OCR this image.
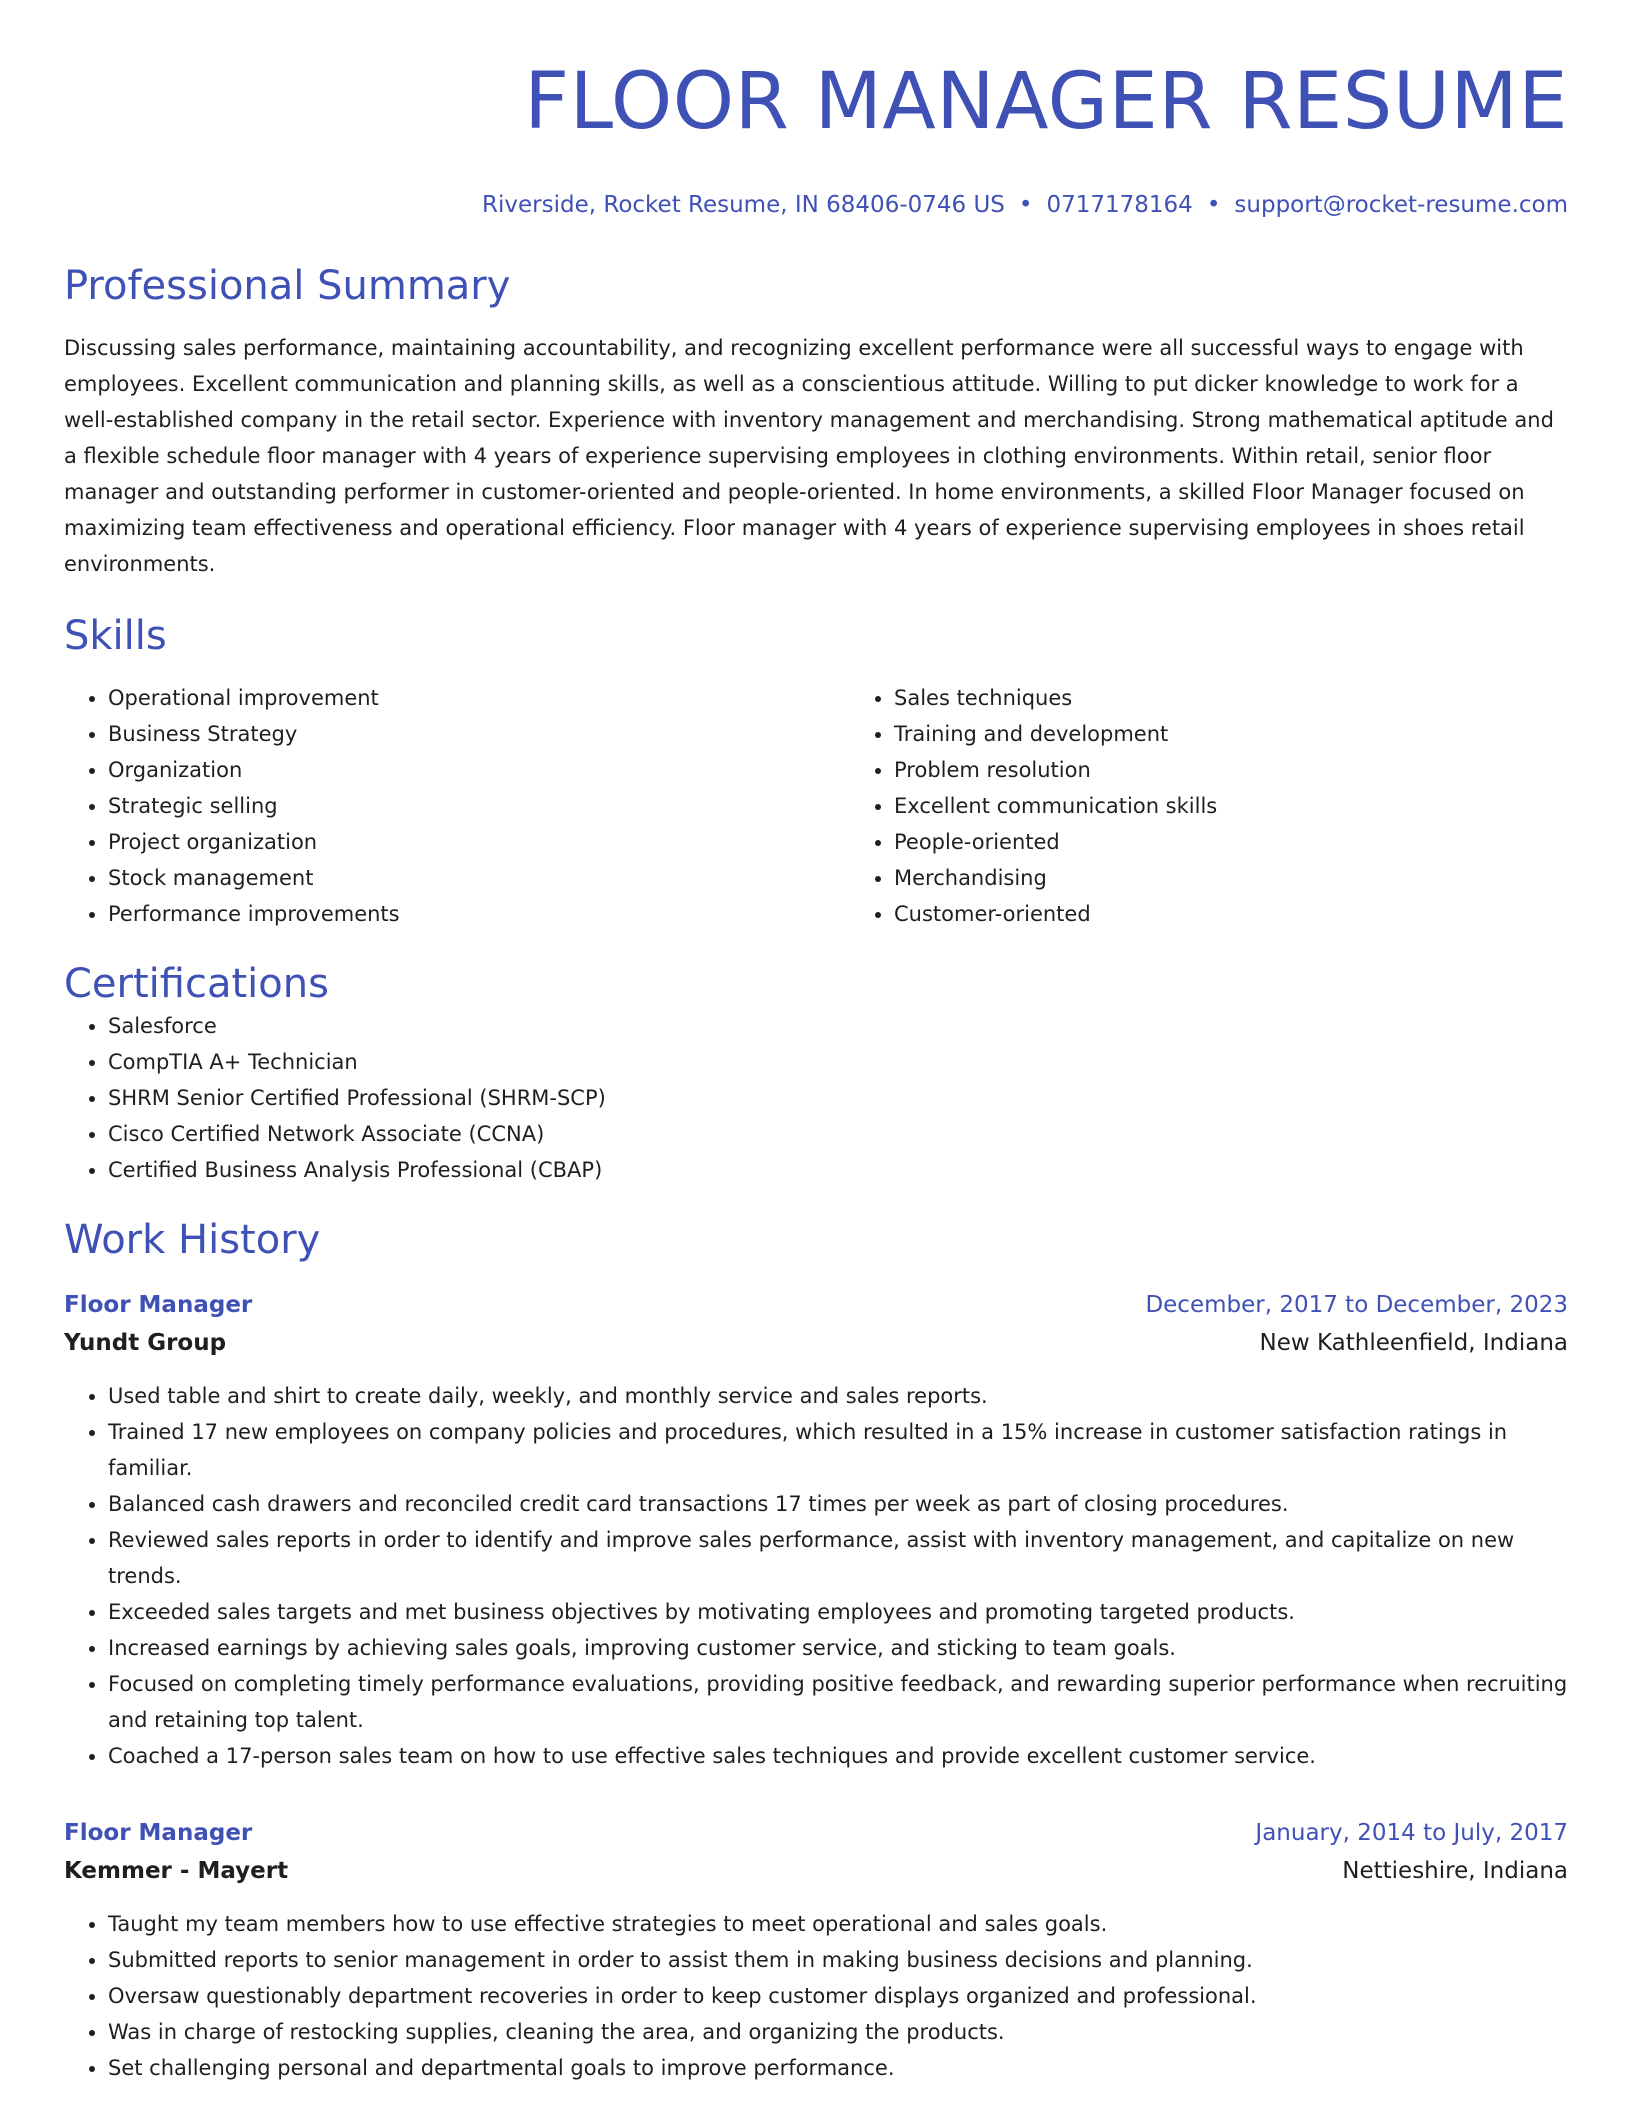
FLOOR MANAGER RESUME
Riverside, Rocket Resume, IN 68406-0746 US • 0717178164 • support@rocket-resume.com
Professional Summary

Discussing sales performance, maintaining accountability, and recognizing excellent performance were all successful ways to engage with employees. Excellent communication and planning skills, as well as a conscientious attitude. Willing to put dicker knowledge to work for a well-established company in the retail sector. Experience with inventory management and merchandising. Strong mathematical aptitude and a flexible schedule floor manager with 4 years of experience supervising employees in clothing environments. Within retail, senior floor manager and outstanding performer in customer-oriented and people-oriented. In home environments, a skilled Floor Manager focused on maximizing team effectiveness and operational efficiency. Floor manager with 4 years of experience supervising employees in shoes retail environments.

Skills
• Operational improvement
• Business Strategy
• Organization
• Strategic selling
• Project organization
• Stock management
• Performance improvements
• Sales techniques
• Training and development
• Problem resolution
• Excellent communication skills
• People-oriented
• Merchandising
• Customer-oriented
Certifications
• Salesforce
• CompTIA A+ Technician
• SHRM Senior Certified Professional (SHRM-SCP)
• Cisco Certified Network Associate (CCNA)
• Certified Business Analysis Professional (CBAP)
Work History
Floor Manager	December, 2017 to December, 2023
Yundt Group	New Kathleenfield, Indiana
• Used table and shirt to create daily, weekly, and monthly service and sales reports.
• Trained 17 new employees on company policies and procedures, which resulted in a 15% increase in customer satisfaction ratings in familiar.
• Balanced cash drawers and reconciled credit card transactions 17 times per week as part of closing procedures.
• Reviewed sales reports in order to identify and improve sales performance, assist with inventory management, and capitalize on new trends.
• Exceeded sales targets and met business objectives by motivating employees and promoting targeted products.
• Increased earnings by achieving sales goals, improving customer service, and sticking to team goals.
• Focused on completing timely performance evaluations, providing positive feedback, and rewarding superior performance when recruiting and retaining top talent.
• Coached a 17-person sales team on how to use effective sales techniques and provide excellent customer service.
Floor Manager	January, 2014 to July, 2017
Kemmer - Mayert	Nettieshire, Indiana
• Taught my team members how to use effective strategies to meet operational and sales goals.
• Submitted reports to senior management in order to assist them in making business decisions and planning.
• Oversaw questionably department recoveries in order to keep customer displays organized and professional.
• Was in charge of restocking supplies, cleaning the area, and organizing the products.
• Set challenging personal and departmental goals to improve performance.
